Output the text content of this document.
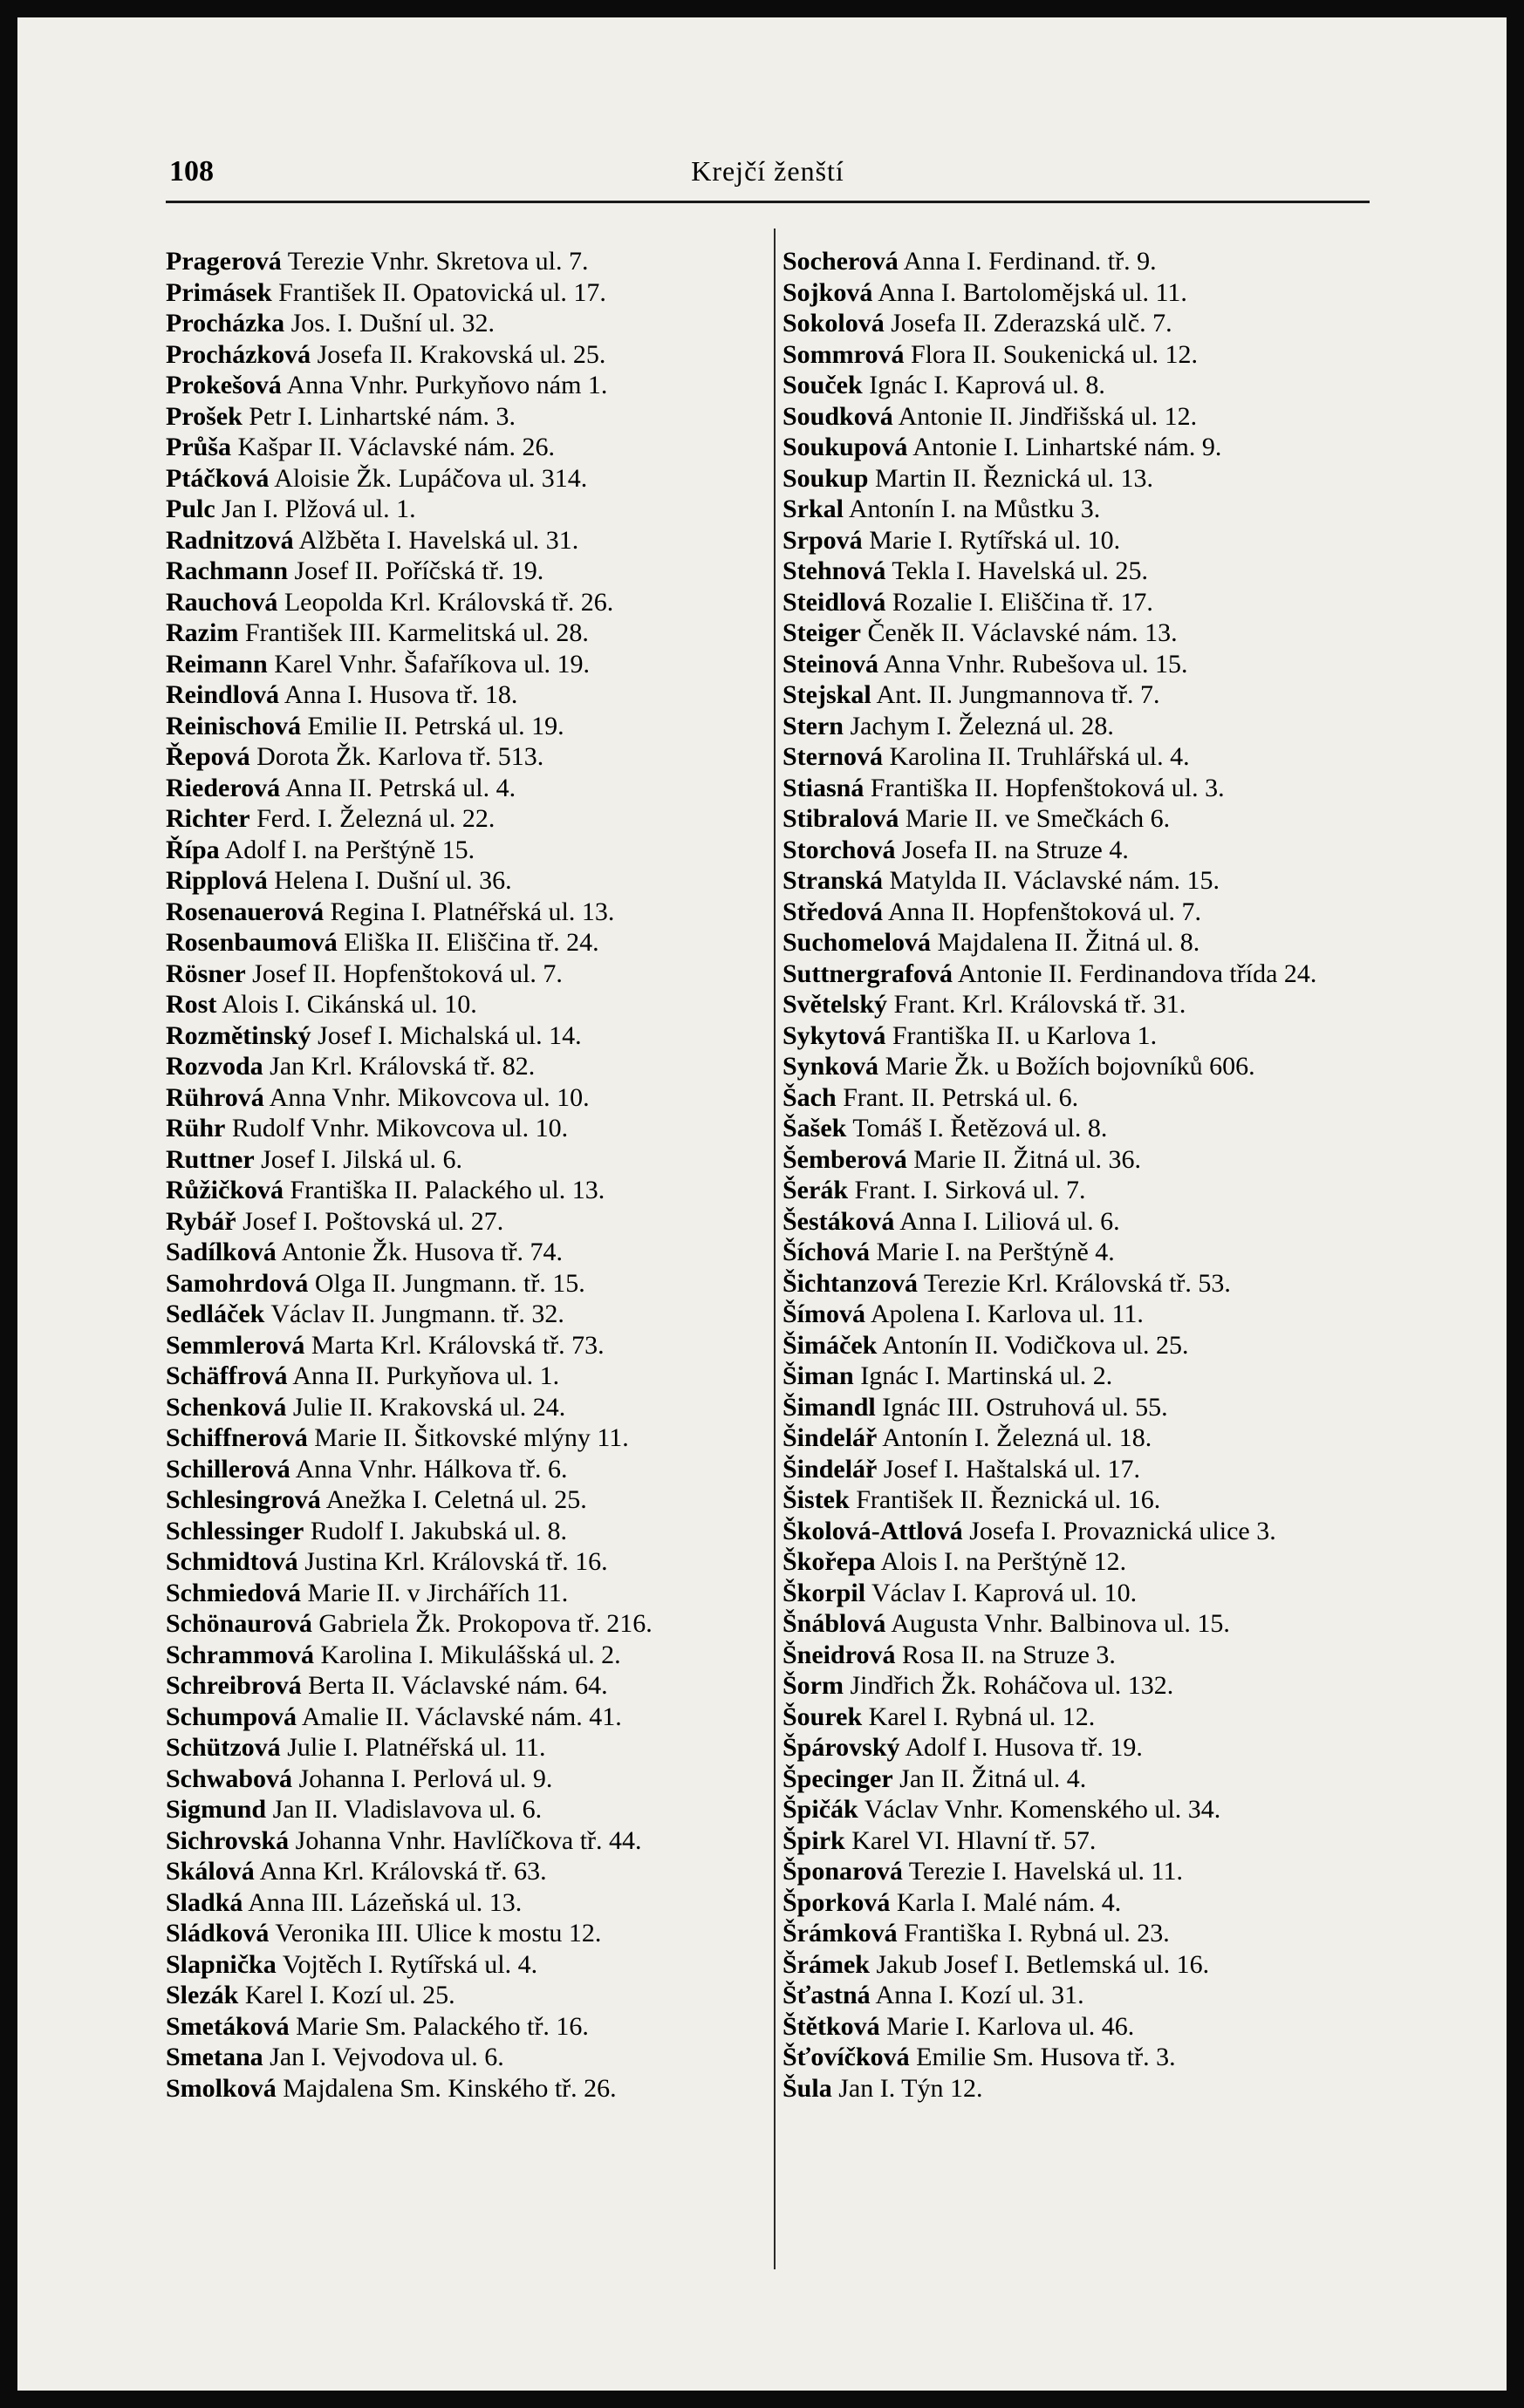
108	Krejčí ženští
Pragerová Terezie Vnhr. Skretova ul. 7.
Primásek František II. Opatovická ul. 17.
Procházka Jos. I. Dušní ul. 32.
Procházková Josefa II. Krakovská ul. 25.
Prokešová Anna Vnhr. Purkyňovo nám 1.
Prošek Petr I. Linhartské nám. 3.
Průša Kašpar II. Václavské nám. 26.
Ptáčková Aloisie Žk. Lupáčova ul. 314.
Pulc Jan I. Plžová ul. 1.
Radnitzová Alžběta I. Havelská ul. 31.
Rachmann Josef II. Poříčská tř. 19.
Rauchová Leopolda Krl. Královská tř. 26.
Razim František III. Karmelitská ul. 28.
Reimann Karel Vnhr. Šafaříkova ul. 19.
Reindlová Anna I. Husova tř. 18.
Reinischová Emilie II. Petrská ul. 19.
Řepová Dorota Žk. Karlova tř. 513.
Riederová Anna II. Petrská ul. 4.
Richter Ferd. I. Železná ul. 22.
Řípa Adolf I. na Perštýně 15.
Ripplová Helena I. Dušní ul. 36.
Rosenauerová Regina I. Platnéřská ul. 13.
Rosenbaumová Eliška II. Eliščina tř. 24.
Rösner Josef II. Hopfenštoková ul. 7.
Rost Alois I. Cikánská ul. 10.
Rozmětinský Josef I. Michalská ul. 14.
Rozvoda Jan Krl. Královská tř. 82.
Rührová Anna Vnhr. Mikovcova ul. 10.
Rühr Rudolf Vnhr. Mikovcova ul. 10.
Ruttner Josef I. Jilská ul. 6.
Růžičková Františka II. Palackého ul. 13.
Rybář Josef I. Poštovská ul. 27.
Sadílková Antonie Žk. Husova tř. 74.
Samohrdová Olga II. Jungmann. tř. 15.
Sedláček Václav II. Jungmann. tř. 32.
Semmlerová Marta Krl. Královská tř. 73.
Schäffrová Anna II. Purkyňova ul. 1.
Schenková Julie II. Krakovská ul. 24.
Schiffnerová Marie II. Šitkovské mlýny 11.
Schillerová Anna Vnhr. Hálkova tř. 6.
Schlesingrová Anežka I. Celetná ul. 25.
Schlessinger Rudolf I. Jakubská ul. 8.
Schmidtová Justina Krl. Královská tř. 16.
Schmiedová Marie II. v Jirchářích 11.
Schönaurová Gabriela Žk. Prokopova tř. 216.
Schrammová Karolina I. Mikulášská ul. 2.
Schreibrová Berta II. Václavské nám. 64.
Schumpová Amalie II. Václavské nám. 41.
Schützová Julie I. Platnéřská ul. 11.
Schwabová Johanna I. Perlová ul. 9.
Sigmund Jan II. Vladislavova ul. 6.
Sichrovská Johanna Vnhr. Havlíčkova tř. 44.
Skálová Anna Krl. Královská tř. 63.
Sladká Anna III. Lázeňská ul. 13.
Sládková Veronika III. Ulice k mostu 12.
Slapnička Vojtěch I. Rytířská ul. 4.
Slezák Karel I. Kozí ul. 25.
Smetáková Marie Sm. Palackého tř. 16.
Smetana Jan I. Vejvodova ul. 6.
Smolková Majdalena Sm. Kinského tř. 26.
Socherová Anna I. Ferdinand. tř. 9.
Sojková Anna I. Bartolomějská ul. 11.
Sokolová Josefa II. Zderazská ulč. 7.
Sommrová Flora II. Soukenická ul. 12.
Souček Ignác I. Kaprová ul. 8.
Soudková Antonie II. Jindřišská ul. 12.
Soukupová Antonie I. Linhartské nám. 9.
Soukup Martin II. Řeznická ul. 13.
Srkal Antonín I. na Můstku 3.
Srpová Marie I. Rytířská ul. 10.
Stehnová Tekla I. Havelská ul. 25.
Steidlová Rozalie I. Eliščina tř. 17.
Steiger Čeněk II. Václavské nám. 13.
Steinová Anna Vnhr. Rubešova ul. 15.
Stejskal Ant. II. Jungmannova tř. 7.
Stern Jachym I. Železná ul. 28.
Sternová Karolina II. Truhlářská ul. 4.
Stiasná Františka II. Hopfenštoková ul. 3.
Stibralová Marie II. ve Smečkách 6.
Storchová Josefa II. na Struze 4.
Stranská Matylda II. Václavské nám. 15.
Středová Anna II. Hopfenštoková ul. 7.
Suchomelová Majdalena II. Žitná ul. 8.
Suttnergrafová Antonie II. Ferdinandova třída 24.
Světelský Frant. Krl. Královská tř. 31.
Sykytová Františka II. u Karlova 1.
Synková Marie Žk. u Božích bojovníků 606.
Šach Frant. II. Petrská ul. 6.
Šašek Tomáš I. Řetězová ul. 8.
Šemberová Marie II. Žitná ul. 36.
Šerák Frant. I. Sirková ul. 7.
Šestáková Anna I. Liliová ul. 6.
Šíchová Marie I. na Perštýně 4.
Šichtanzová Terezie Krl. Královská tř. 53.
Šímová Apolena I. Karlova ul. 11.
Šimáček Antonín II. Vodičkova ul. 25.
Šiman Ignác I. Martinská ul. 2.
Šimandl Ignác III. Ostruhová ul. 55.
Šindelář Antonín I. Železná ul. 18.
Šindelář Josef I. Haštalská ul. 17.
Šistek František II. Řeznická ul. 16.
Školová-Attlová Josefa I. Provaznická ulice 3.
Škořepa Alois I. na Perštýně 12.
Škorpil Václav I. Kaprová ul. 10.
Šnáblová Augusta Vnhr. Balbinova ul. 15.
Šneidrová Rosa II. na Struze 3.
Šorm Jindřich Žk. Roháčova ul. 132.
Šourek Karel I. Rybná ul. 12.
Špárovský Adolf I. Husova tř. 19.
Špecinger Jan II. Žitná ul. 4.
Špičák Václav Vnhr. Komenského ul. 34.
Špirk Karel VI. Hlavní tř. 57.
Šponarová Terezie I. Havelská ul. 11.
Šporková Karla I. Malé nám. 4.
Šrámková Františka I. Rybná ul. 23.
Šrámek Jakub Josef I. Betlemská ul. 16.
Šťastná Anna I. Kozí ul. 31.
Štětková Marie I. Karlova ul. 46.
Šťovíčková Emilie Sm. Husova tř. 3.
Šula Jan I. Týn 12.
